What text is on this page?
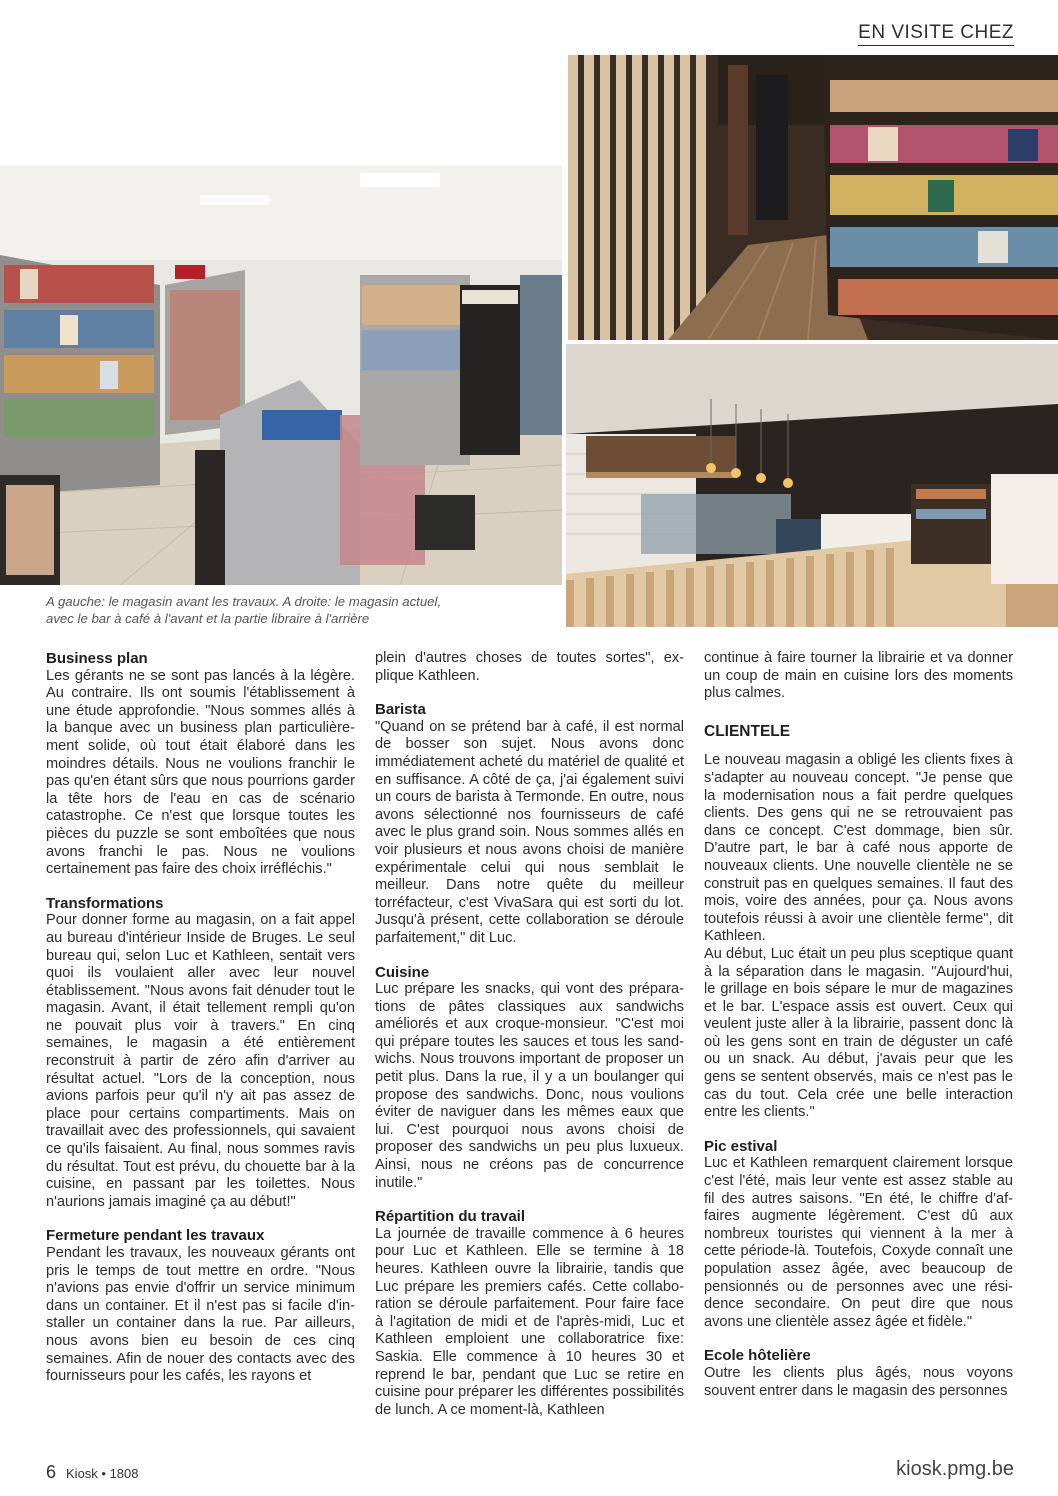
EN VISITE CHEZ
A gauche: le magasin avant les travaux. A droite: le magasin actuel,
avec le bar à café à l'avant et la partie libraire à l'arrière
Business plan

Les gérants ne se sont pas lancés à la légère. Au contraire. Ils ont soumis l'établissement à une étude approfondie. "Nous sommes allés à la banque avec un business plan particulièrement solide, où tout était élaboré dans les moindres détails. Nous ne voulions franchir le pas qu'en étant sûrs que nous pourrions garder la tête hors de l'eau en cas de scénario catastrophe. Ce n'est que lorsque toutes les pièces du puzzle se sont emboîtées que nous avons franchi le pas. Nous ne voulions certainement pas faire des choix irréfléchis."

Transformations

Pour donner forme au magasin, on a fait appel au bureau d'intérieur Inside de Bruges. Le seul bureau qui, selon Luc et Kathleen, sentait vers quoi ils voulaient aller avec leur nouvel établissement. "Nous avons fait dénuder tout le magasin. Avant, il était tellement rempli qu'on ne pouvait plus voir à travers." En cinq semaines, le magasin a été entièrement reconstruit à partir de zéro afin d'arriver au résultat actuel. "Lors de la conception, nous avions parfois peur qu'il n'y ait pas assez de place pour certains compartiments. Mais on travaillait avec des professionnels, qui savaient ce qu'ils faisaient. Au final, nous sommes ravis du résultat. Tout est prévu, du chouette bar à la cuisine, en passant par les toilettes. Nous n'aurions jamais imaginé ça au début!"

Fermeture pendant les travaux

Pendant les travaux, les nouveaux gérants ont pris le temps de tout mettre en ordre. "Nous n'avions pas envie d'offrir un service minimum dans un container. Et il n'est pas si facile d'installer un container dans la rue. Par ailleurs, nous avons bien eu besoin de ces cinq semaines. Afin de nouer des contacts avec des fournisseurs pour les cafés, les rayons et

plein d'autres choses de toutes sortes", explique Kathleen.

Barista

"Quand on se prétend bar à café, il est normal de bosser son sujet. Nous avons donc immédiatement acheté du matériel de qualité et en suffisance. A côté de ça, j'ai également suivi un cours de barista à Termonde. En outre, nous avons sélectionné nos fournisseurs de café avec le plus grand soin. Nous sommes allés en voir plusieurs et nous avons choisi de manière expérimentale celui qui nous semblait le meilleur. Dans notre quête du meilleur torréfacteur, c'est VivaSara qui est sorti du lot. Jusqu'à présent, cette collaboration se déroule parfaitement," dit Luc.

Cuisine

Luc prépare les snacks, qui vont des préparations de pâtes classiques aux sandwichs améliorés et aux croque-monsieur. "C'est moi qui prépare toutes les sauces et tous les sandwichs. Nous trouvons important de proposer un petit plus. Dans la rue, il y a un boulanger qui propose des sandwichs. Donc, nous voulions éviter de naviguer dans les mêmes eaux que lui. C'est pourquoi nous avons choisi de proposer des sandwichs un peu plus luxueux. Ainsi, nous ne créons pas de concurrence inutile."

Répartition du travail

La journée de travaille commence à 6 heures pour Luc et Kathleen. Elle se termine à 18 heures. Kathleen ouvre la librairie, tandis que Luc prépare les premiers cafés. Cette collaboration se déroule parfaitement. Pour faire face à l'agitation de midi et de l'après-midi, Luc et Kathleen emploient une collaboratrice fixe: Saskia. Elle commence à 10 heures 30 et reprend le bar, pendant que Luc se retire en cuisine pour préparer les différentes possibilités de lunch. A ce moment-là, Kathleen

continue à faire tourner la librairie et va donner un coup de main en cuisine lors des moments plus calmes.

CLIENTELE

Le nouveau magasin a obligé les clients fixes à s'adapter au nouveau concept. "Je pense que la modernisation nous a fait perdre quelques clients. Des gens qui ne se retrouvaient pas dans ce concept. C'est dommage, bien sûr. D'autre part, le bar à café nous apporte de nouveaux clients. Une nouvelle clientèle ne se construit pas en quelques semaines. Il faut des mois, voire des années, pour ça. Nous avons toutefois réussi à avoir une clientèle ferme", dit Kathleen.

Au début, Luc était un peu plus sceptique quant à la séparation dans le magasin. "Aujourd'hui, le grillage en bois sépare le mur de magazines et le bar. L'espace assis est ouvert. Ceux qui veulent juste aller à la librairie, passent donc là où les gens sont en train de déguster un café ou un snack. Au début, j'avais peur que les gens se sentent observés, mais ce n'est pas le cas du tout. Cela crée une belle interaction entre les clients."

Pic estival

Luc et Kathleen remarquent clairement lorsque c'est l'été, mais leur vente est assez stable au fil des autres saisons. "En été, le chiffre d'affaires augmente légèrement. C'est dû aux nombreux touristes qui viennent à la mer à cette période-là. Toutefois, Coxyde connaît une population assez âgée, avec beaucoup de pensionnés ou de personnes avec une résidence secondaire. On peut dire que nous avons une clientèle assez âgée et fidèle."

Ecole hôtelière

Outre les clients plus âgés, nous voyons souvent entrer dans le magasin des personnes

6 Kiosk • 1808	kiosk.pmg.be
